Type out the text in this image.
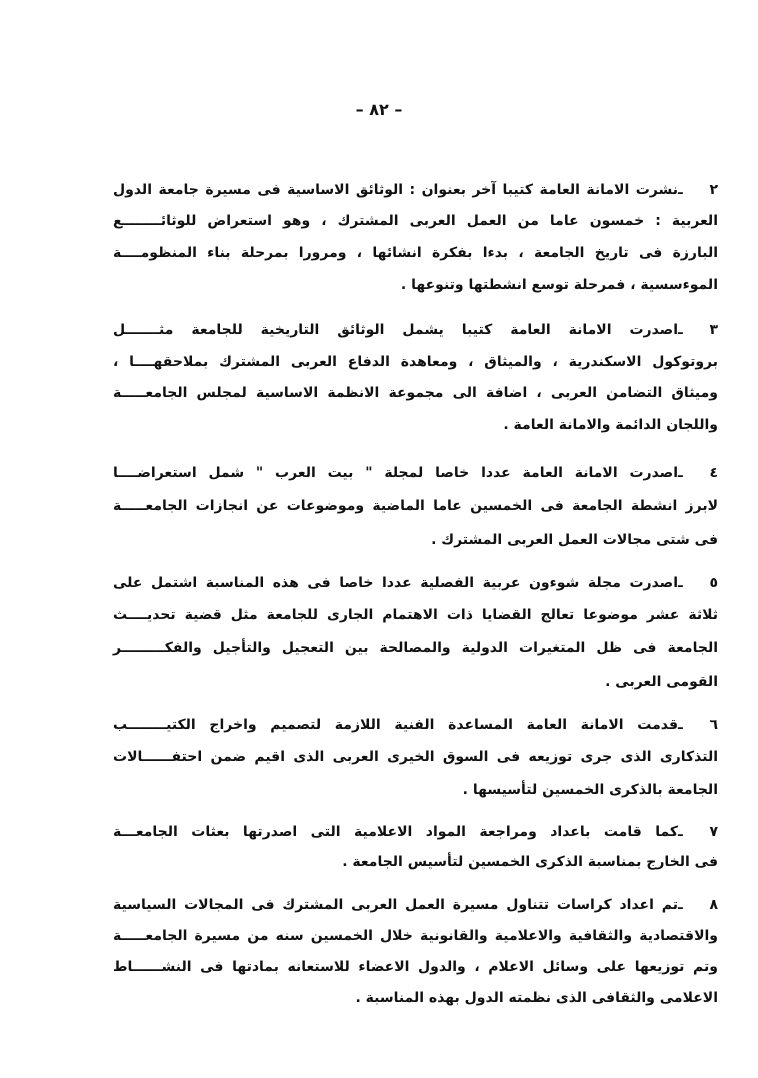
– ٨٢ –
٢ ـ
نشرت الامانة العامة كتيبا آخر بعنوان : الوثائق الاساسية فى مسيرة جامعة الدول
العربية : خمسون عاما من العمل العربى المشترك ، وهو استعراض للوثائــــــــع
البارزة فى تاريخ الجامعة ، بدءا بفكرة انشائها ، ومرورا بمرحلة بناء المنظومــــة
الموءسسية ، فمرحلة توسع انشطتها وتنوعها .
٣ ـ
اصدرت الامانة العامة كتيبا يشمل الوثائق التاريخية للجامعة مثـــــــل
بروتوكول الاسكندرية ، والميثاق ، ومعاهدة الدفاع العربى المشترك بملاحقهــــا ،
وميثاق التضامن العربى ، اضافة الى مجموعة الانظمة الاساسية لمجلس الجامعـــــة
واللجان الدائمة والامانة العامة .
٤ ـ
اصدرت الامانة العامة عددا خاصا لمجلة " بيت العرب " شمل استعراضــــا
لابرز انشطة الجامعة فى الخمسين عاما الماضية وموضوعات عن انجازات الجامعـــــة
فى شتى مجالات العمل العربى المشترك .
٥ ـ
اصدرت مجلة شوءون عربية الفصلية عددا خاصا فى هذه المناسبة اشتمل على
ثلاثة عشر موضوعا تعالج القضايا ذات الاهتمام الجارى للجامعة مثل قضية تحديــــث
الجامعة فى ظل المتغيرات الدولية والمصالحة بين التعجيل والتأجيل والفكـــــــــر
القومى العربى .
٦ ـ
قدمت الامانة العامة المساعدة الفنية اللازمة لتصميم واخراج الكتيــــــــب
التذكارى الذى جرى توزيعه فى السوق الخيرى العربى الذى اقيم ضمن احتفــــــالات
الجامعة بالذكرى الخمسين لتأسيسها .
٧ ـ
كما قامت باعداد ومراجعة المواد الاعلامية التى اصدرتها بعثات الجامعـــة
فى الخارج بمناسبة الذكرى الخمسين لتأسيس الجامعة .
٨ ـ
تم اعداد كراسات تتناول مسيرة العمل العربى المشترك فى المجالات السياسية
والاقتصادية والثقافية والاعلامية والقانونية خلال الخمسين سنه من مسيرة الجامعـــــة
وتم توزيعها على وسائل الاعلام ، والدول الاعضاء للاستعانه بمادتها فى النشــــــاط
الاعلامى والثقافى الذى نظمته الدول بهذه المناسبة .
